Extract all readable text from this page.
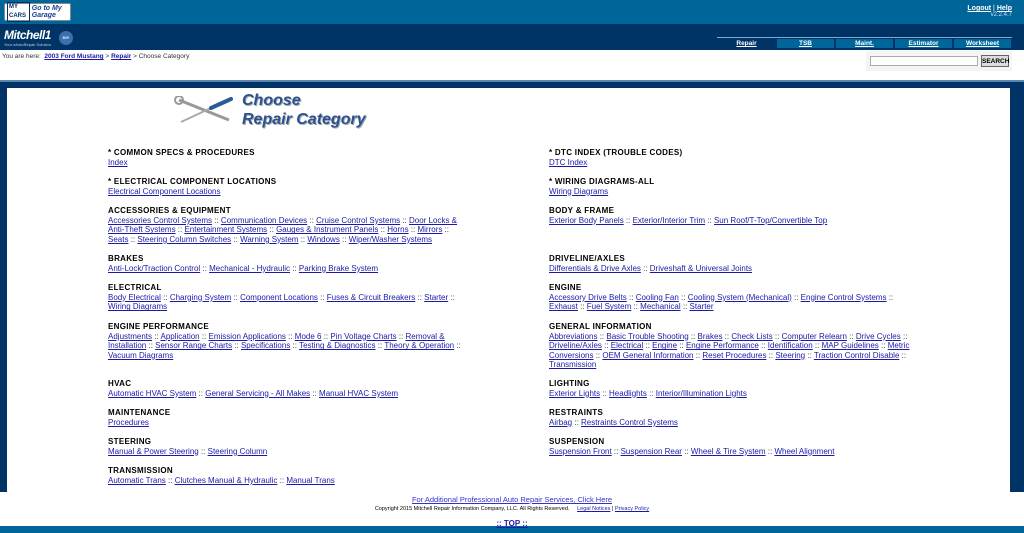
MY CARS
Go to My Garage
Logout | Help
v2.2.4.7
Mitchell1
Your eAutoRepair Solution
DIY
Repair	TSB	Maint.	Estimator	Worksheet
You are here: 2003 Ford Mustang > Repair > Choose Category
SEARCH
Choose
Repair Category
* COMMON SPECS & PROCEDURES
Index
* ELECTRICAL COMPONENT LOCATIONS
Electrical Component Locations
ACCESSORIES & EQUIPMENT
Accessories Control Systems :: Communication Devices :: Cruise Control Systems :: Door Locks & Anti-Theft Systems :: Entertainment Systems :: Gauges & Instrument Panels :: Horns :: Mirrors :: Seats :: Steering Column Switches :: Warning System :: Windows :: Wiper/Washer Systems
BRAKES
Anti-Lock/Traction Control :: Mechanical - Hydraulic :: Parking Brake System
ELECTRICAL
Body Electrical :: Charging System :: Component Locations :: Fuses & Circuit Breakers :: Starter :: Wiring Diagrams
ENGINE PERFORMANCE
Adjustments :: Application :: Emission Applications :: Mode 6 :: Pin Voltage Charts :: Removal & Installation :: Sensor Range Charts :: Specifications :: Testing & Diagnostics :: Theory & Operation :: Vacuum Diagrams
HVAC
Automatic HVAC System :: General Servicing - All Makes :: Manual HVAC System
MAINTENANCE
Procedures
STEERING
Manual & Power Steering :: Steering Column
TRANSMISSION
Automatic Trans :: Clutches Manual & Hydraulic :: Manual Trans
* DTC INDEX (TROUBLE CODES)
DTC Index
* WIRING DIAGRAMS-ALL
Wiring Diagrams
BODY & FRAME
Exterior Body Panels :: Exterior/Interior Trim :: Sun Roof/T-Top/Convertible Top
DRIVELINE/AXLES
Differentials & Drive Axles :: Driveshaft & Universal Joints
ENGINE
Accessory Drive Belts :: Cooling Fan :: Cooling System (Mechanical) :: Engine Control Systems :: Exhaust :: Fuel System :: Mechanical :: Starter
GENERAL INFORMATION
Abbreviations :: Basic Trouble Shooting :: Brakes :: Check Lists :: Computer Relearn :: Drive Cycles :: Driveline/Axles :: Electrical :: Engine :: Engine Performance :: Identification :: MAP Guidelines :: Metric Conversions :: OEM General Information :: Reset Procedures :: Steering :: Traction Control Disable :: Transmission
LIGHTING
Exterior Lights :: Headlights :: Interior/Illumination Lights
RESTRAINTS
Airbag :: Restraints Control Systems
SUSPENSION
Suspension Front :: Suspension Rear :: Wheel & Tire System :: Wheel Alignment
For Additional Professional Auto Repair Services, Click Here
Copyright 2015 Mitchell Repair Information Company, LLC. All Rights Reserved. Legal Notices | Privacy Policy
:: TOP ::
